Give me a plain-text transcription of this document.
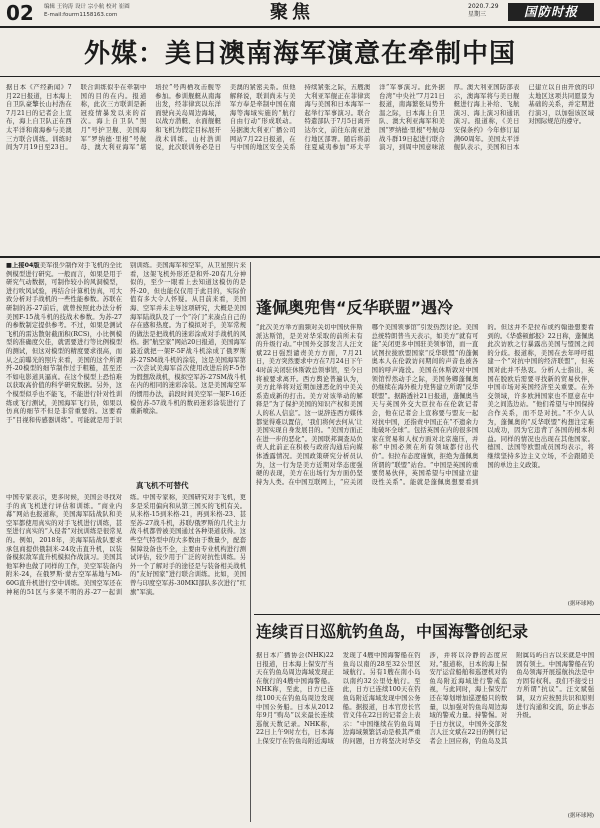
02 编辑 王钧涛 设计 宗小航 校对 崔圆
E-mail:fourm1158163.com	聚焦	2020.7.29
星期三	国防时报
外媒：美日澳南海军演意在牵制中国
据日本《产经新闻》7月22日报道，日本海上自卫队豪擎长山村浩在7月21日的记者会上宣布，海上自卫队正在西太平洋和南海参与美澳三方联合训练。训练时间为7月19日至23日。联合训练似乎在牵制中国的目的在内。报道称，此次三方联训是新冠疫情暴发以来的首次。海上自卫队“照月”号护卫舰、美国海军“罗纳德·里根”号航母、澳大利亚海军“堪培拉”号两栖攻击舰等参加。参训舰艇从南海出发，经菲律宾以东洋面驶向关岛周边海域，以战方潜艇、水面舰艇和飞机为假定目标展开战术训练。山村浩训说，此次联训务必是日美澳的紧密关系。但他解释说，联训尚未与美军方奉是牵制中国在南海等海域实施的“航行自由行动”形成联动。另据澳大利亚广播公司网站7月22日报道，在与中国的地区安全关系持续紧张之际，五艘澳大利亚军舰正在菲律宾海与美国和日本海军一起举行军事演习。联合特遣部队于7月5日离开达尔文，前往东南亚进行地区部署。随后将前往夏威夷参加“环太平洋”军事演习。此外据台湾“中央社”7月21日报道，南海繁张局势升温之际，日本海上自卫队、澳大利亚海军和美国“罗纳德·里根”号航母战斗群19日起进行联合演习，到周中国意味浓厚。澳大利亚国防部表示，澳海军将与美日舰艇进行海上补给、飞航演习、海上演习和通讯演习。报道称，《美日安保条约》今年修订届满60周年。美国太平洋舰队表示，美国和日本已建立以自由开放的印太地区这项共同愿景为基础的关系，并定期进行演习，以加强该区域对国际规范的遵守。
■上接04版美军很少制作对手飞机的全比例模型进行研究。一般而言，如果是用于研究气动数据，可制作较小的风洞模型，进行吹风试验，再结合计算机仿真，可大致分析对手战机的一些性能参数。苏联在研制的苏-27前后，就曾按照此办法分析美国F-15战斗机的技战术参数。为苏-27的参数制定提供参考。不过，如果是测试飞机的雷达散射截面积(RCS)，小比例模型的准确度欠佳，就需要进行等比例模型的测试，但这对模型的精度要求很高，而从之前曝光的照片来看，美国的这个所谓歼-20模型的细节制作过于粗糙，甚至还不如电影道具逼真。在这个模型上恐怕难以获取高价值的科学研究数据。另外，这个模型似乎也不能飞，不能进行针对性训练或飞行测试，美国海军飞行员，如果以仿真的细节不但是非常重要的。这要看于“目视和传感器训练”。可能就是用于识别训练。美国海军和空军，从卫星照片来看，这架飞机外形还是和歼-20有几分神似的，至少一眼看上去知道这模仿的是歼-20，但也能仅仅用于此目的，实际价值有多大令人怀疑。从目前来看，美国海、空军并未主导这项研究，大概是美国海军陆战队及了一个“冷门”来凑点自己的存在感和热度。为了模拟对手，美军常规的做法是把战机的迷彩涂成对手战机的风格。据“航空家”网站20日报道，美国海军最近就把一架F-5F战斗机涂成了俄罗斯苏-27SM战斗机的涂装，这是美国海军第一次尝试美海军首次使用改进后的F-5作为假想敌战机，模拟空军苏-27SM战斗机在内的相同的迷彩涂装。这是美国海空军的惯用办法，前段时间美空军一架F-16还模仿苏-57战斗机的数码迷彩涂装进行了重新喷涂。
真飞机不可替代
中国专家表示，更多时候，美国会寻找对手的真飞机进行评估和训练。“商业内幕”网站也报道称，美国海军陆战队和美空军都使用真实的对手飞机进行训练，甚至进行真实的“入侵者”对抗训练是很常见的。例如，2018年，美海军陆战队要求承包商提供俄制米-24攻击直升机，以装备模拟敌军直升机模拟作战演习。美国其他军种也做了同样的工作，美空军装备内附米-24，在俄罗斯·蒙古空军基地与Mi-60G直升机进行空中训练。美国空军还在神秘的51区与多架不明的苏-27一起训练。中国专家称，美国研究对手飞机，更多是采用偏向和从第三国买的飞机有关。从米格-15到米格-21，再到米格-23、甚至苏-27战斗机，苏联/俄罗斯的几代主力战斗机都曾被美国通过各种渠道获得。这些空气特型中的大多数由于数量少，配套保障设备也不全，主要由专业机构进行测试评估，较少用于广泛的对抗性训练。另外一个了解对手的途径是与装备相关战机的“友好国家”进行联合训练。比如，美国曾与印度空军苏-30MKI部队多次进行“红旗”军演。
蓬佩奥兜售“反华联盟”遇冷
“此次美方举方面频对关切中国伙伴斯派达斯馆，是美对华采取的前所未有的升级行动。”中国外交部发言人汪文斌22日强烈谴责美方方面，7月21日，美方突然要求中方在7月24日下午4时前关闭驻休斯敦总领事馆，至今日将被要求离开。西方舆论普遍认为，美方此举将对近期加速恶化的中美关系造成新的打击。美方对该举动的解释是“为了保护美国的知识产权和美国人的私人信息”。这一说辞连西方媒体都觉得难以置信，‘我们将何去何从’让美国实现自身发展目的。“美国方面正在进一步的恶化”。美国联邦调查局负责人此前正在积极与政府沟通后向媒体透露情况。美国政策研究分析员认为，这一行为是美方近期对华态度强硬的表现，美方在出场行为方面仍坚持为人类。在中国互联网上，“应关闭哪个美国领事馆”引发热烈讨论。美国总统特朗普当天表示，如美方“就有可能”关闭更多中国驻美领事馆，而一直试图拉拢欧盟国家“反华联盟”的蓬佩奥本人在伦敦访问期间的声音也被各国的呼声淹没。美国在休斯敦对中国领馆悍然动手之际，美国务卿蓬佩奥仍继续在海外极力兜售建立所谓“反华联盟”。据路透社21日报道，蓬佩奥当天与英国外交大臣拉布在伦敦记者会，他在记者会上宣称要与盟友一起对抗中国，还指责中国正在“不遗余力地破坏全球”。包括英国在内的很多国家在贸易和人权方面对北京施压，并称“中国必须在所有领域都付出代价”。但拉布态度谨慎，拒绝为蓬佩奥所谓的“联盟”站台。“中国是英国的重要贸易伙伴，英国希望与中国建立建设性关系”。能就是蓬佩奥想要看到的。但这并不是拉布或约翰逊想要看到的。《华盛顿邮报》22日称，蓬佩奥此次访欧之行暴露出美国与盟国之间的分歧。报道称，美国在去年呼吁组建一个“对抗中国的经济联盟”，但英国对此并不热衷。分析人士指出，英国在脱欧后需要寻找新的贸易伙伴，中国市场对英国经济至关重要。在外交领域，许多欧洲国家也不愿意在中美之间选边站。“他们希望与中国保持合作关系，而不是对抗。”不少人认为，蓬佩奥的“反华联盟”构想注定难以成功，因为它违背了各国的根本利益。同样的情况也出现在其他国家。德国、法国等欧盟成员国均表示，将继续坚持多边主义立场，不会跟随美国的单边主义政策。
(据环球网)
连续百日巡航钓鱼岛，中国海警创纪录
据日本广播协会(NHK)22日报道，日本海上保安厅当天在钓鱼岛周边海域发现正在航行的4艘中国海警船。NHK称，至此，日方已连续100天在钓鱼岛周边发现中国公务船。日本从2012年9月“购岛”以来最长连续巡航天数记录。NHK称，22日上午9时左右，日本海上保安厅在钓鱼岛附近海域发现了4艘中国海警船在钓鱼岛以南的28至32公里区域航行。另有1艘在南小岛以南约32公里处航行。至此，日方已连续100天在钓鱼岛附近海域发现中国公务船。据报道，日本官房长官菅义伟在22日的记者会上表示：“中国继续在钓鱼岛周边海域频繁活动是极其严重的问题，日方将坚决对华交涉，并将以冷静的态度应对。”报道称，日本的海上保安厅运营船舶和巡逻机对钓鱼岛附近海域进行警戒监视，与此同时，海上保安厅还在筹划增加巡逻船只的数量，以加强对钓鱼岛周边海域的警戒力量。持警惕。对于日方抗议，中国外交部发言人汪文斌在22日的例行记者会上回应称，钓鱼岛及其附属岛屿自古以来就是中国固有领土。中国海警船在钓鱼岛领海开展巡航执法是中方固有权利。我们不接受日方所谓“抗议”。汪文斌强调，双方应按照共识和原则进行沟通和交流，防止事态升级。
(据环球网)
